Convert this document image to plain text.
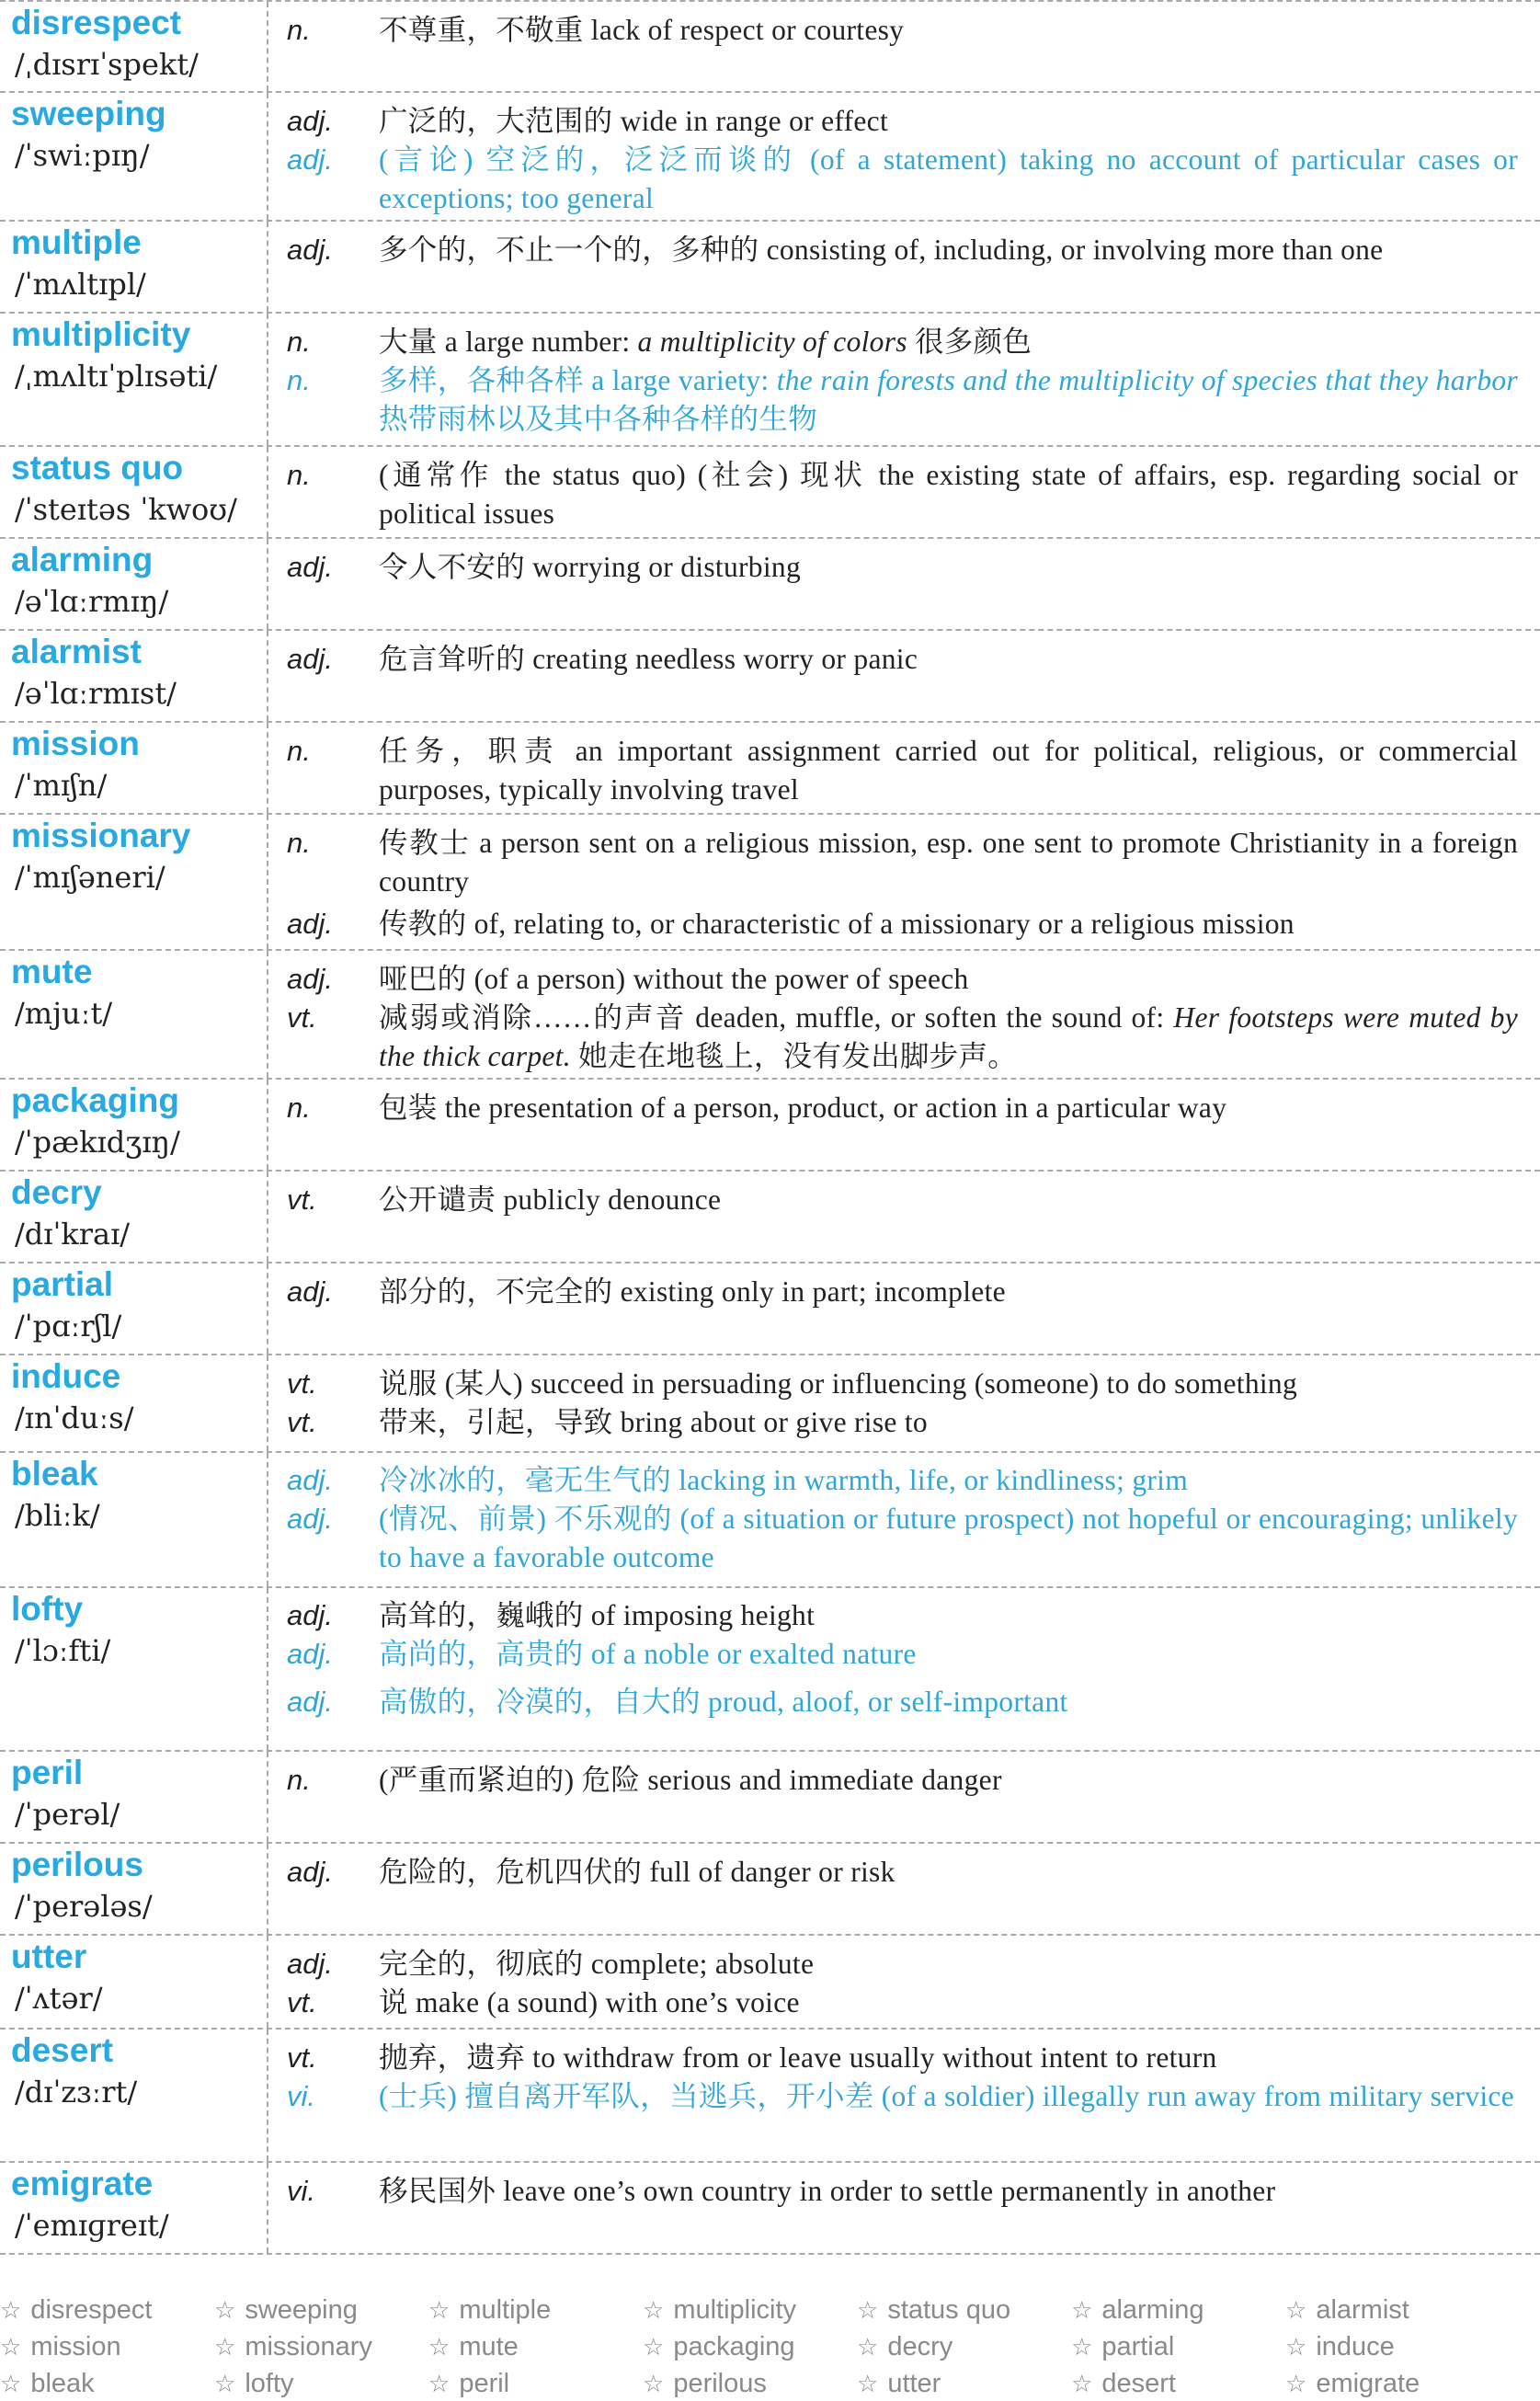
disrespect
/ˌdɪsrɪˈspekt/
n.	不尊重，不敬重 lack of respect or courtesy
sweeping
/ˈswiːpɪŋ/
adj.	广泛的，大范围的 wide in range or effect
adj.	(言论) 空泛的，泛泛而谈的 (of a statement) taking no account of particular cases or exceptions; too general
multiple
/ˈmʌltɪpl/
adj.	多个的，不止一个的，多种的 consisting of, including, or involving more than one
multiplicity
/ˌmʌltɪˈplɪsəti/
n.	大量 a large number: a multiplicity of colors 很多颜色
n.	多样，各种各样 a large variety: the rain forests and the multiplicity of species that they harbor 热带雨林以及其中各种各样的生物
status quo
/ˈsteɪtəs ˈkwoʊ/
n.	(通常作 the status quo) (社会) 现状 the existing state of affairs, esp. regarding social or political issues
alarming
/əˈlɑːrmɪŋ/
adj.	令人不安的 worrying or disturbing
alarmist
/əˈlɑːrmɪst/
adj.	危言耸听的 creating needless worry or panic
mission
/ˈmɪʃn/
n.	任务，职责 an important assignment carried out for political, religious, or commercial purposes, typically involving travel
missionary
/ˈmɪʃəneri/
n.	传教士 a person sent on a religious mission, esp. one sent to promote Christianity in a foreign country
adj.	传教的 of, relating to, or characteristic of a missionary or a religious mission
mute
/mjuːt/
adj.	哑巴的 (of a person) without the power of speech
vt.	减弱或消除……的声音 deaden, muffle, or soften the sound of: Her footsteps were muted by the thick carpet. 她走在地毯上，没有发出脚步声。
packaging
/ˈpækɪdʒɪŋ/
n.	包装 the presentation of a person, product, or action in a particular way
decry
/dɪˈkraɪ/
vt.	公开谴责 publicly denounce
partial
/ˈpɑːrʃl/
adj.	部分的，不完全的 existing only in part; incomplete
induce
/ɪnˈduːs/
vt.	说服 (某人) succeed in persuading or influencing (someone) to do something
vt.	带来，引起，导致 bring about or give rise to
bleak
/bliːk/
adj.	冷冰冰的，毫无生气的 lacking in warmth, life, or kindliness; grim
adj.	(情况、前景) 不乐观的 (of a situation or future prospect) not hopeful or encouraging; unlikely to have a favorable outcome
lofty
/ˈlɔːfti/
adj.	高耸的，巍峨的 of imposing height
adj.	高尚的，高贵的 of a noble or exalted nature
adj.	高傲的，冷漠的，自大的 proud, aloof, or self-important
peril
/ˈperəl/
n.	(严重而紧迫的) 危险 serious and immediate danger
perilous
/ˈperələs/
adj.	危险的，危机四伏的 full of danger or risk
utter
/ˈʌtər/
adj.	完全的，彻底的 complete; absolute
vt.	说 make (a sound) with one’s voice
desert
/dɪˈzɜːrt/
vt.	抛弃，遗弃 to withdraw from or leave usually without intent to return
vi.	(士兵) 擅自离开军队，当逃兵，开小差 (of a soldier) illegally run away from military service
emigrate
/ˈemɪɡreɪt/
vi.	移民国外 leave one’s own country in order to settle permanently in another
☆ disrespect	☆ sweeping	☆ multiple	☆ multiplicity	☆ status quo	☆ alarming	☆ alarmist
☆ mission	☆ missionary ☆ mute	☆ packaging	☆ decry	☆ partial	☆ induce
☆ bleak	☆ lofty	☆ peril	☆ perilous	☆ utter	☆ desert	☆ emigrate
